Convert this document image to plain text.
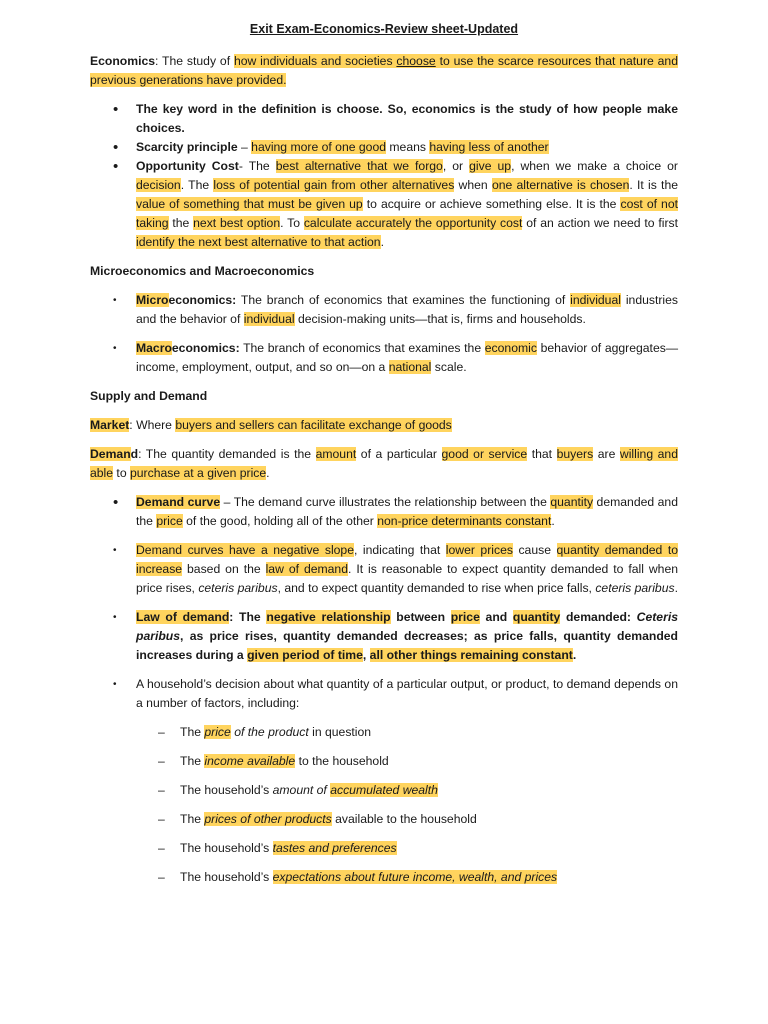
Exit Exam-Economics-Review sheet-Updated

Economics: The study of how individuals and societies choose to use the scarce resources that nature and previous generations have provided.

• The key word in the definition is choose. So, economics is the study of how people make choices.
• Scarcity principle – having more of one good means having less of another
• Opportunity Cost- The best alternative that we forgo, or give up, when we make a choice or decision. The loss of potential gain from other alternatives when one alternative is chosen. It is the value of something that must be given up to acquire or achieve something else. It is the cost of not taking the next best option. To calculate accurately the opportunity cost of an action we need to first identify the next best alternative to that action.
Microeconomics and Macroeconomics
• Microeconomics: The branch of economics that examines the functioning of individual industries and the behavior of individual decision-making units—that is, firms and households.
• Macroeconomics: The branch of economics that examines the economic behavior of aggregates—income, employment, output, and so on—on a national scale.
Supply and Demand

Market: Where buyers and sellers can facilitate exchange of goods

Demand: The quantity demanded is the amount of a particular good or service that buyers are willing and able to purchase at a given price.

• Demand curve – The demand curve illustrates the relationship between the quantity demanded and the price of the good, holding all of the other non-price determinants constant.
• Demand curves have a negative slope, indicating that lower prices cause quantity demanded to increase based on the law of demand. It is reasonable to expect quantity demanded to fall when price rises, ceteris paribus, and to expect quantity demanded to rise when price falls, ceteris paribus.
• Law of demand: The negative relationship between price and quantity demanded: Ceteris paribus, as price rises, quantity demanded decreases; as price falls, quantity demanded increases during a given period of time, all other things remaining constant.
• A household’s decision about what quantity of a particular output, or product, to demand depends on a number of factors, including:
– The price of the product in question
– The income available to the household
– The household’s amount of accumulated wealth
– The prices of other products available to the household
– The household’s tastes and preferences
– The household’s expectations about future income, wealth, and prices
